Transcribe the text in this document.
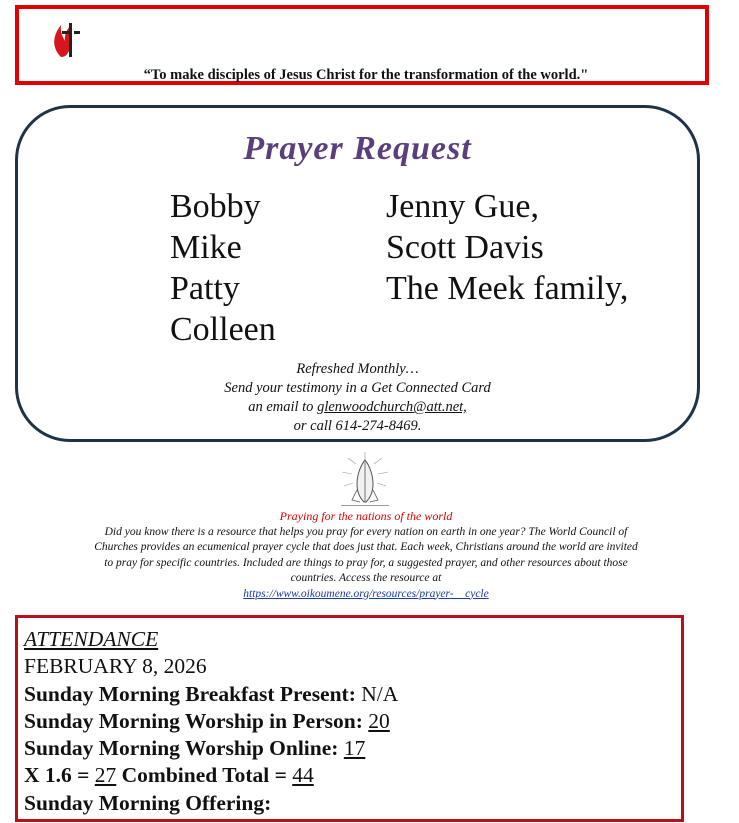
“To make disciples of Jesus Christ for the transformation of the world."
Prayer Request
Bobby
Mike
Patty
Colleen
Jenny Gue,
Scott Davis
The Meek family,
Refreshed Monthly…
Send your testimony in a Get Connected Card
an email to glenwoodchurch@att.net,
or call 614-274-8469.
Praying for the nations of the world
Did you know there is a resource that helps you pray for every nation on earth in one year? The World Council of
Churches provides an ecumenical prayer cycle that does just that. Each week, Christians around the world are invited
to pray for specific countries. Included are things to pray for, a suggested prayer, and other resources about those
countries. Access the resource at
https://www.oikoumene.org/resources/prayer-    cycle
ATTENDANCE
FEBRUARY 8, 2026
Sunday Morning Breakfast Present: N/A
Sunday Morning Worship in Person: 20
Sunday Morning Worship Online: 17
X 1.6 = 27 Combined Total = 44
Sunday Morning Offering:
